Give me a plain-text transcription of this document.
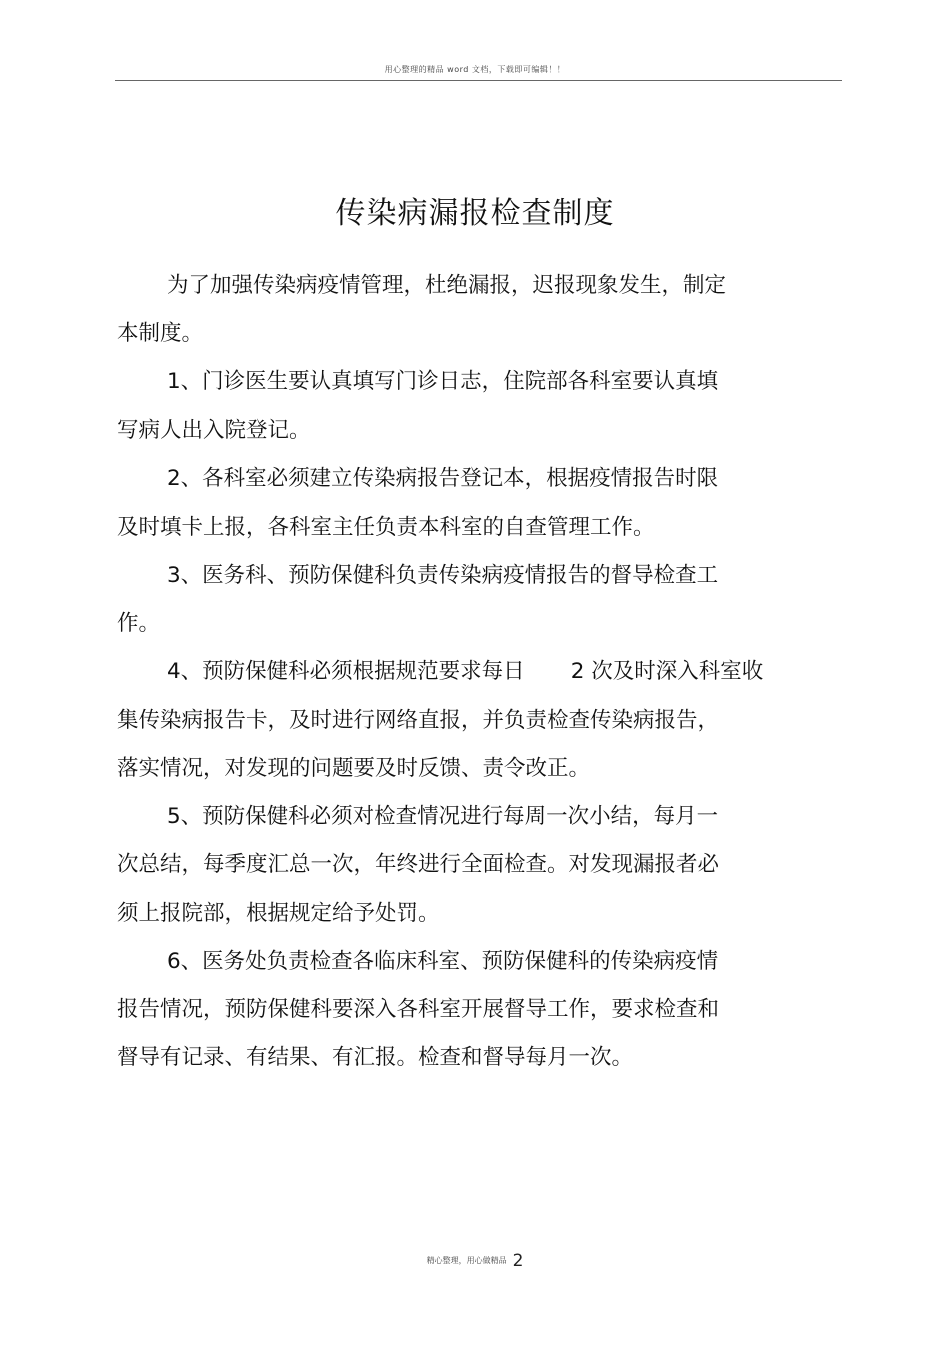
用心整理的精品 word 文档，下载即可编辑！！
传染病漏报检查制度
为了加强传染病疫情管理，杜绝漏报，迟报现象发生，制定
本制度。
1、门诊医生要认真填写门诊日志，住院部各科室要认真填
写病人出入院登记。
2、各科室必须建立传染病报告登记本，根据疫情报告时限
及时填卡上报，各科室主任负责本科室的自查管理工作。
3、医务科、预防保健科负责传染病疫情报告的督导检查工
作。
4、预防保健科必须根据规范要求每日 2 次及时深入科室收
集传染病报告卡，及时进行网络直报，并负责检查传染病报告，
落实情况，对发现的问题要及时反馈、责令改正。
5、预防保健科必须对检查情况进行每周一次小结，每月一
次总结，每季度汇总一次，年终进行全面检查。对发现漏报者必
须上报院部，根据规定给予处罚。
6、医务处负责检查各临床科室、预防保健科的传染病疫情
报告情况，预防保健科要深入各科室开展督导工作，要求检查和
督导有记录、有结果、有汇报。检查和督导每月一次。
精心整理，用心做精品 2
